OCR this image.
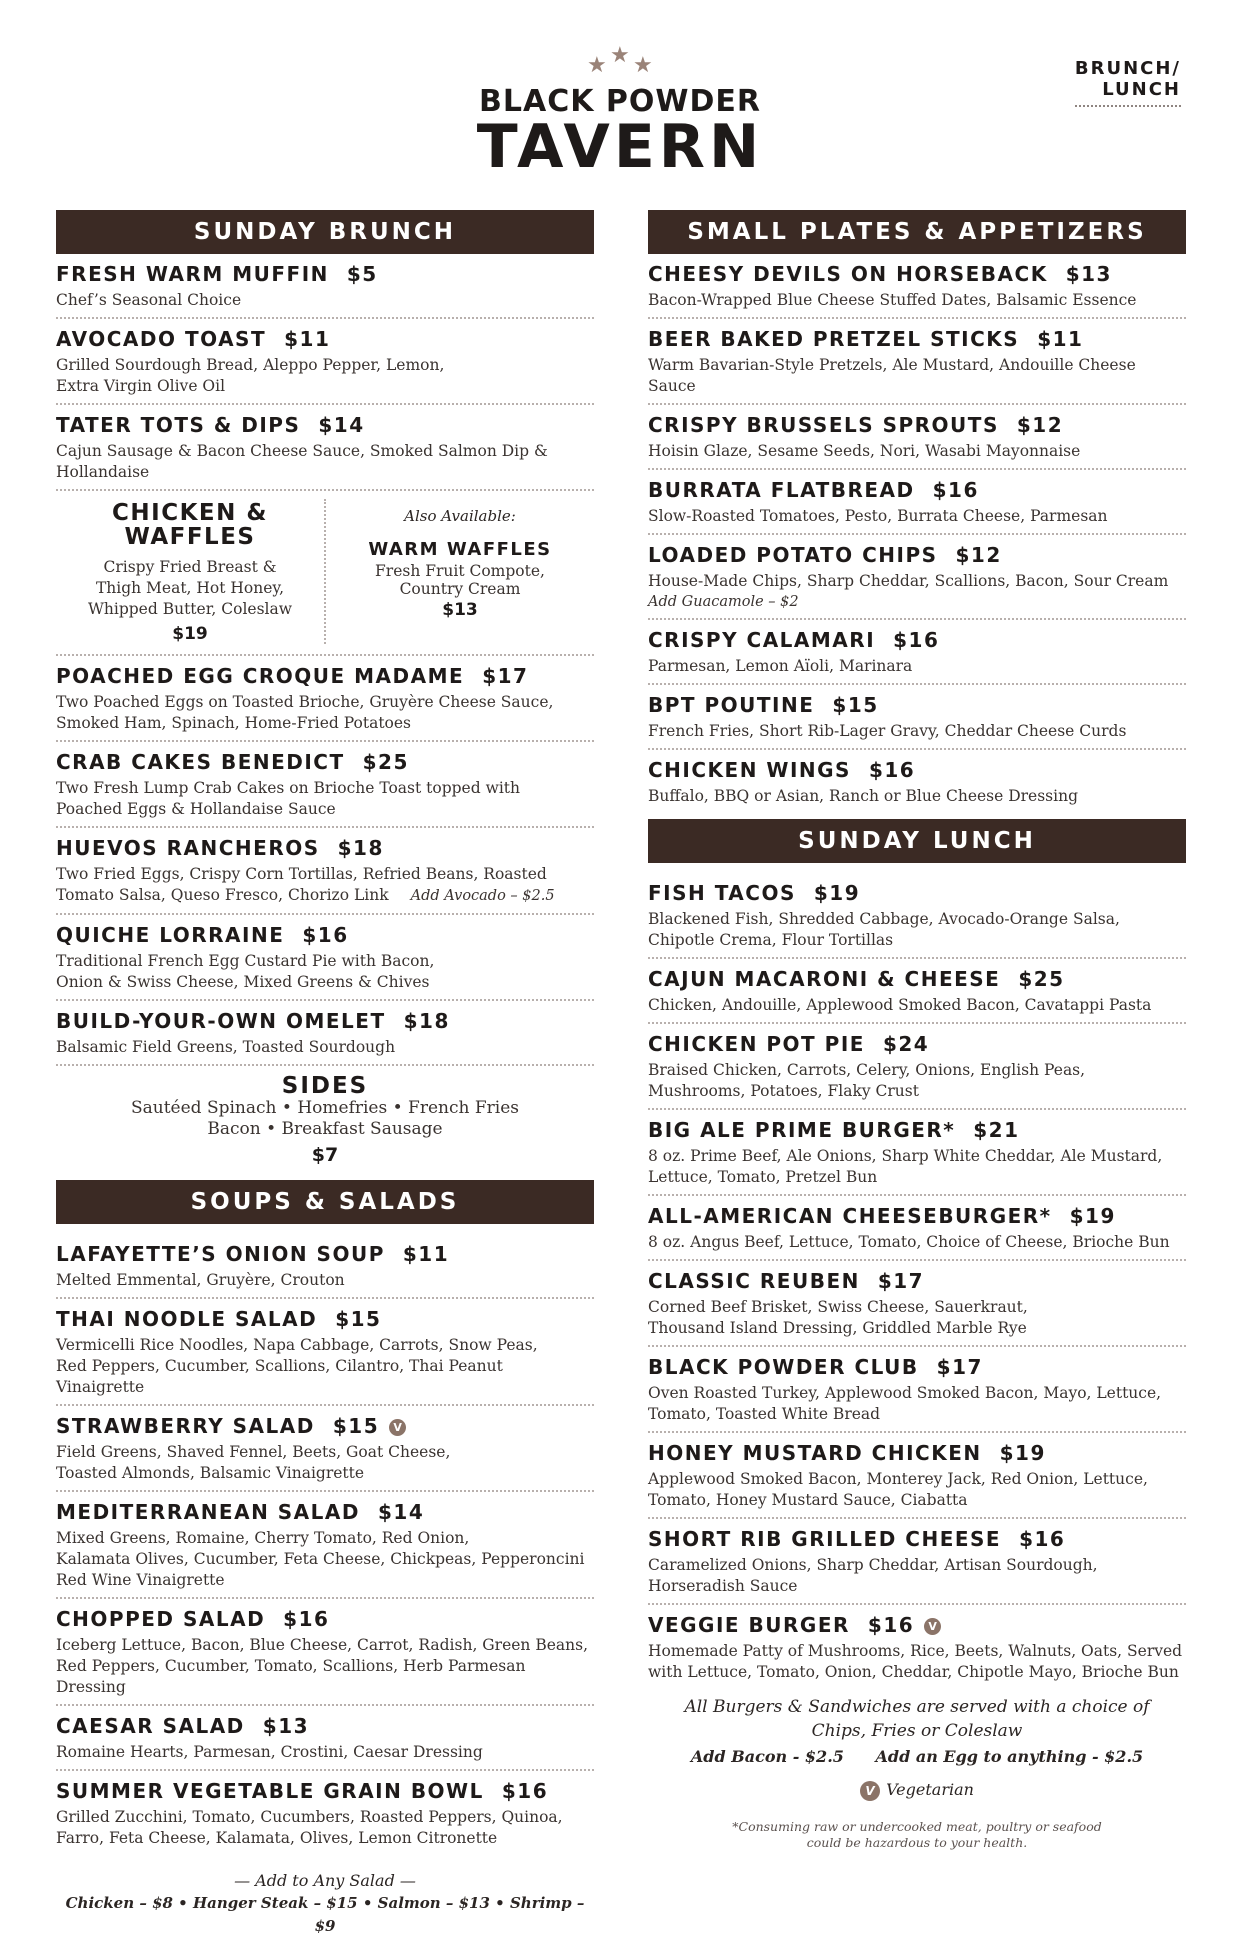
★ ★ ★
BLACK POWDER
TAVERN
BRUNCH/
LUNCH
SUNDAY BRUNCH
FRESH WARM MUFFIN $5
Chef’s Seasonal Choice
AVOCADO TOAST $11
Grilled Sourdough Bread, Aleppo Pepper, Lemon,
Extra Virgin Olive Oil
TATER TOTS & DIPS $14
Cajun Sausage & Bacon Cheese Sauce, Smoked Salmon Dip &
Hollandaise
CHICKEN &
WAFFLES
Crispy Fried Breast &
Thigh Meat, Hot Honey,
Whipped Butter, Coleslaw
$19
Also Available:
WARM WAFFLES
Fresh Fruit Compote,
Country Cream
$13
POACHED EGG CROQUE MADAME $17
Two Poached Eggs on Toasted Brioche, Gruyère Cheese Sauce,
Smoked Ham, Spinach, Home-Fried Potatoes
CRAB CAKES BENEDICT $25
Two Fresh Lump Crab Cakes on Brioche Toast topped with
Poached Eggs & Hollandaise Sauce
HUEVOS RANCHEROS $18
Two Fried Eggs, Crispy Corn Tortillas, Refried Beans, Roasted
Tomato Salsa, Queso Fresco, Chorizo Link Add Avocado – $2.5
QUICHE LORRAINE $16
Traditional French Egg Custard Pie with Bacon,
Onion & Swiss Cheese, Mixed Greens & Chives
BUILD-YOUR-OWN OMELET $18
Balsamic Field Greens, Toasted Sourdough
SIDES
Sautéed Spinach • Homefries • French Fries
Bacon • Breakfast Sausage
$7
SOUPS & SALADS
LAFAYETTE’S ONION SOUP $11
Melted Emmental, Gruyère, Crouton
THAI NOODLE SALAD $15
Vermicelli Rice Noodles, Napa Cabbage, Carrots, Snow Peas,
Red Peppers, Cucumber, Scallions, Cilantro, Thai Peanut Vinaigrette
STRAWBERRY SALAD $15 V
Field Greens, Shaved Fennel, Beets, Goat Cheese,
Toasted Almonds, Balsamic Vinaigrette
MEDITERRANEAN SALAD $14
Mixed Greens, Romaine, Cherry Tomato, Red Onion,
Kalamata Olives, Cucumber, Feta Cheese, Chickpeas, Pepperoncini
Red Wine Vinaigrette
CHOPPED SALAD $16
Iceberg Lettuce, Bacon, Blue Cheese, Carrot, Radish, Green Beans,
Red Peppers, Cucumber, Tomato, Scallions, Herb Parmesan Dressing
CAESAR SALAD $13
Romaine Hearts, Parmesan, Crostini, Caesar Dressing
SUMMER VEGETABLE GRAIN BOWL $16
Grilled Zucchini, Tomato, Cucumbers, Roasted Peppers, Quinoa,
Farro, Feta Cheese, Kalamata, Olives, Lemon Citronette
— Add to Any Salad —
Chicken – $8 • Hanger Steak – $15 • Salmon – $13 • Shrimp – $9
SMALL PLATES & APPETIZERS
CHEESY DEVILS ON HORSEBACK $13
Bacon-Wrapped Blue Cheese Stuffed Dates, Balsamic Essence
BEER BAKED PRETZEL STICKS $11
Warm Bavarian-Style Pretzels, Ale Mustard, Andouille Cheese Sauce
CRISPY BRUSSELS SPROUTS $12
Hoisin Glaze, Sesame Seeds, Nori, Wasabi Mayonnaise
BURRATA FLATBREAD $16
Slow-Roasted Tomatoes, Pesto, Burrata Cheese, Parmesan
LOADED POTATO CHIPS $12
House-Made Chips, Sharp Cheddar, Scallions, Bacon, Sour Cream
Add Guacamole – $2
CRISPY CALAMARI $16
Parmesan, Lemon Aïoli, Marinara
BPT POUTINE $15
French Fries, Short Rib-Lager Gravy, Cheddar Cheese Curds
CHICKEN WINGS $16
Buffalo, BBQ or Asian, Ranch or Blue Cheese Dressing
SUNDAY LUNCH
FISH TACOS $19
Blackened Fish, Shredded Cabbage, Avocado-Orange Salsa,
Chipotle Crema, Flour Tortillas
CAJUN MACARONI & CHEESE $25
Chicken, Andouille, Applewood Smoked Bacon, Cavatappi Pasta
CHICKEN POT PIE $24
Braised Chicken, Carrots, Celery, Onions, English Peas,
Mushrooms, Potatoes, Flaky Crust
BIG ALE PRIME BURGER* $21
8 oz. Prime Beef, Ale Onions, Sharp White Cheddar, Ale Mustard,
Lettuce, Tomato, Pretzel Bun
ALL-AMERICAN CHEESEBURGER* $19
8 oz. Angus Beef, Lettuce, Tomato, Choice of Cheese, Brioche Bun
CLASSIC REUBEN $17
Corned Beef Brisket, Swiss Cheese, Sauerkraut,
Thousand Island Dressing, Griddled Marble Rye
BLACK POWDER CLUB $17
Oven Roasted Turkey, Applewood Smoked Bacon, Mayo, Lettuce,
Tomato, Toasted White Bread
HONEY MUSTARD CHICKEN $19
Applewood Smoked Bacon, Monterey Jack, Red Onion, Lettuce,
Tomato, Honey Mustard Sauce, Ciabatta
SHORT RIB GRILLED CHEESE $16
Caramelized Onions, Sharp Cheddar, Artisan Sourdough,
Horseradish Sauce
VEGGIE BURGER $16 V
Homemade Patty of Mushrooms, Rice, Beets, Walnuts, Oats, Served
with Lettuce, Tomato, Onion, Cheddar, Chipotle Mayo, Brioche Bun
All Burgers & Sandwiches are served with a choice of
Chips, Fries or Coleslaw
Add Bacon - $2.5 Add an Egg to anything - $2.5
V Vegetarian
*Consuming raw or undercooked meat, poultry or seafood
could be hazardous to your health.
